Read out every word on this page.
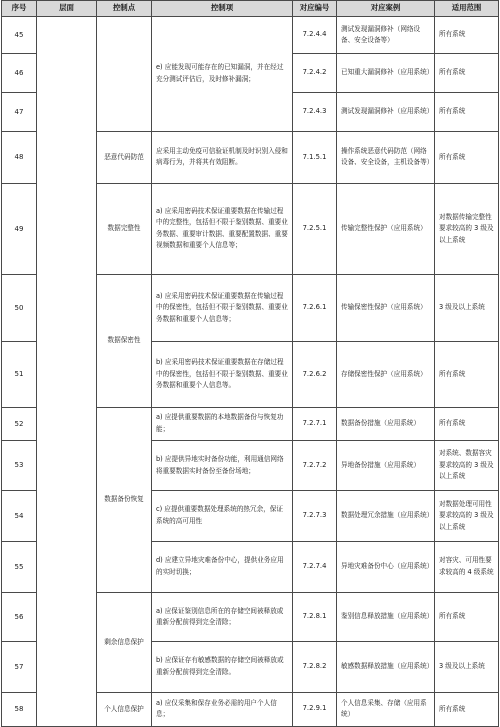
序号	层面	控制点	控制项	对应编号	对应案例	适用范围
45			e) 应能发现可能存在的已知漏洞，并在经过充分测试评估后，及时修补漏洞；	7.2.4.4	测试发现漏洞修补（网络设备、安全设备等）	所有系统
46				7.2.4.2	已知重大漏洞修补（应用系统）	所有系统
47				7.2.4.3	测试发现漏洞修补（应用系统）	所有系统
48		恶意代码防范	应采用主动免疫可信验证机制及时识别入侵和病毒行为，并将其有效阻断。	7.1.5.1	操作系统恶意代码防范（网络设备、安全设备，主机设备等）	所有系统
49		数据完整性	a) 应采用密码技术保证重要数据在传输过程中的完整性，包括但不限于鉴别数据、重要业务数据、重要审计数据、重要配置数据、重要视频数据和重要个人信息等；	7.2.5.1	传输完整性保护（应用系统）	对数据传输完整性要求较高的 3 级及以上系统
50		数据保密性	a) 应采用密码技术保证重要数据在传输过程中的保密性，包括但不限于鉴别数据、重要业务数据和重要个人信息等；	7.2.6.1	传输保密性保护（应用系统）	3 级及以上系统
51			b) 应采用密码技术保证重要数据在存储过程中的保密性，包括但不限于鉴别数据、重要业务数据和重要个人信息等。	7.2.6.2	存储保密性保护（应用系统）	所有系统
52		数据备份恢复	a) 应提供重要数据的本地数据备份与恢复功能；	7.2.7.1	数据备份措施（应用系统）	所有系统
53			b) 应提供异地实时备份功能，利用通信网络将重要数据实时备份至备份场地；	7.2.7.2	异地备份措施（应用系统）	对系统、数据容灾要求较高的 3 级及以上系统
54			c) 应提供重要数据处理系统的热冗余，保证系统的高可用性	7.2.7.3	数据处理冗余措施（应用系统）	对数据处理可用性要求较高的 3 级及以上系统
55			d) 应建立异地灾难备份中心，提供业务应用的实时切换；	7.2.7.4	异地灾难备份中心（应用系统）	对容灾、可用性要求较高的 4 级系统
56		剩余信息保护	a) 应保证鉴别信息所在的存储空间被释放或重新分配前得到完全清除；	7.2.8.1	鉴别信息释放措施（应用系统）	所有系统
57			b) 应保证存有敏感数据的存储空间被释放或重新分配前得到完全清除。	7.2.8.2	敏感数据释放措施（应用系统）	3 级及以上系统
58		个人信息保护	a) 应仅采集和保存业务必需的用户个人信息；	7.2.9.1	个人信息采集、存储（应用系统）	所有系统
